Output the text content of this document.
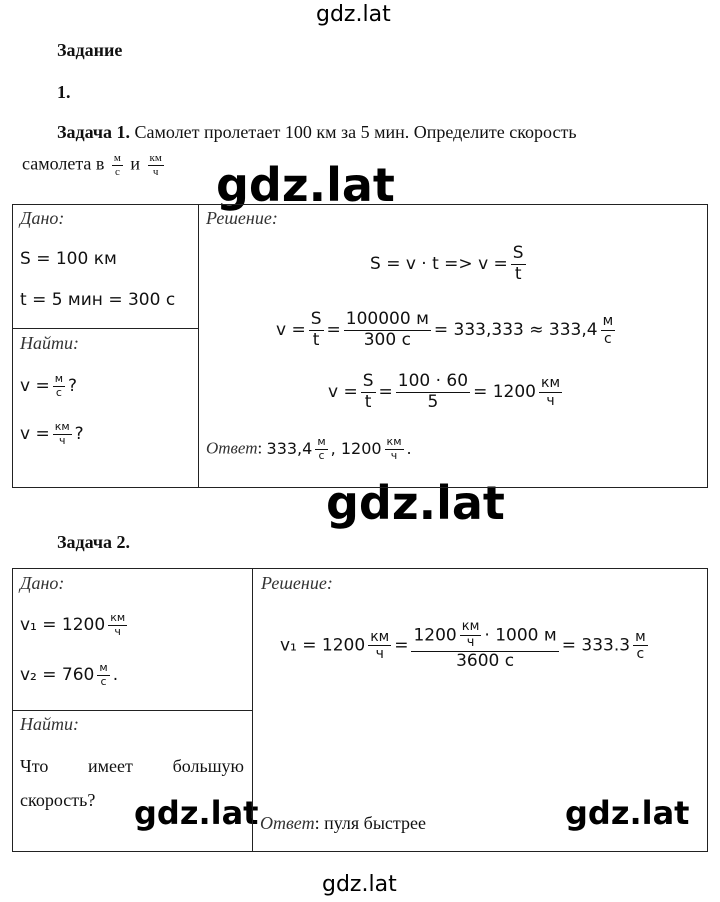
gdz.lat
gdz.lat
gdz.lat
gdz.lat	gdz.lat
gdz.lat
Задание
1.
Задача 1. Самолет пролетает 100 км за 5 мин. Определите скорость
самолета в $\frac{м}{с}$ и $\frac{км}{ч}$
Дано:
S = 100 км
t = 5 мин = 300 с
Найти:
$v = \frac{м}{с}$ ?
$v = \frac{км}{ч}$ ?
Решение:
$S = v \cdot t => v = \frac{S}{t}$
$v = \frac{S}{t} = \frac{100000 м}{300 с} = 333,333 \approx 333,4 \frac{м}{с}$
$v = \frac{S}{t} = \frac{100 \cdot 60}{5} = 1200 \frac{км}{ч}$
Ответ: $333,4 \frac{м}{с}$ , $1200 \frac{км}{ч}$ .
Задача 2.
Дано:
$v_1 = 1200 \frac{км}{ч}$
$v_2 = 760 \frac{м}{с}$ .
Найти:
Что имеет большую
скорость?
Решение:
$v_1 = 1200 \frac{км}{ч} = \frac{1200 \frac{км}{ч} \cdot 1000 м}{3600 с} = 333.3 \frac{м}{с}$
Ответ: пуля быстрее
